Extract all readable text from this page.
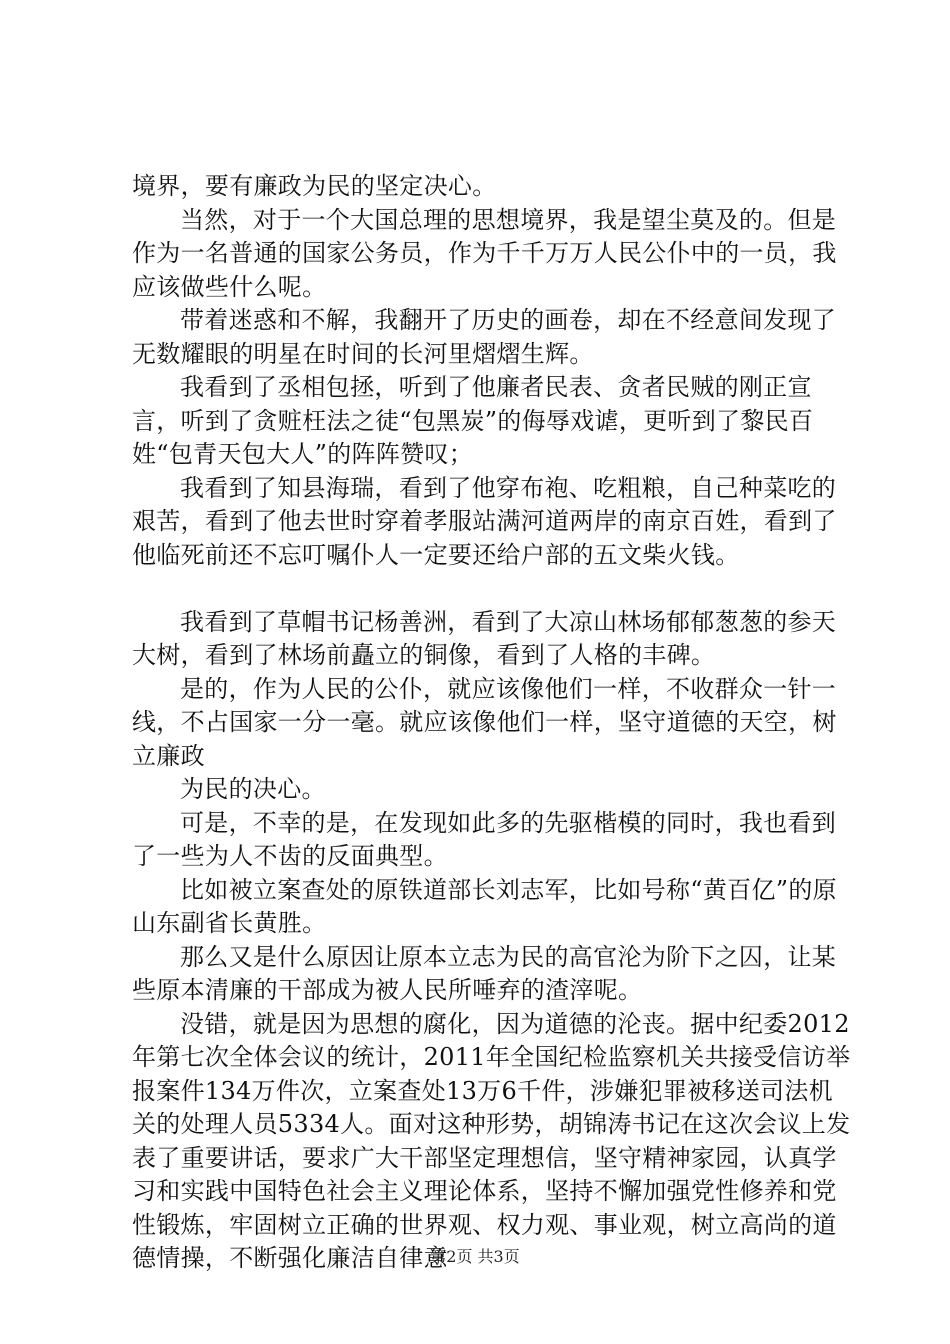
境界，要有廉政为民的坚定决心。

当然，对于一个大国总理的思想境界，我是望尘莫及的。但是作为一名普通的国家公务员，作为千千万万人民公仆中的一员，我应该做些什么呢。

带着迷惑和不解，我翻开了历史的画卷，却在不经意间发现了无数耀眼的明星在时间的长河里熠熠生辉。

我看到了丞相包拯，听到了他廉者民表、贪者民贼的刚正宣言，听到了贪赃枉法之徒“包黑炭”的侮辱戏谑，更听到了黎民百姓“包青天包大人”的阵阵赞叹；

我看到了知县海瑞，看到了他穿布袍、吃粗粮，自己种菜吃的艰苦，看到了他去世时穿着孝服站满河道两岸的南京百姓，看到了他临死前还不忘叮嘱仆人一定要还给户部的五文柴火钱。

我看到了草帽书记杨善洲，看到了大凉山林场郁郁葱葱的参天大树，看到了林场前矗立的铜像，看到了人格的丰碑。

是的，作为人民的公仆，就应该像他们一样，不收群众一针一线，不占国家一分一毫。就应该像他们一样，坚守道德的天空，树立廉政

为民的决心。

可是，不幸的是，在发现如此多的先驱楷模的同时，我也看到了一些为人不齿的反面典型。

比如被立案查处的原铁道部长刘志军，比如号称“黄百亿”的原山东副省长黄胜。

那么又是什么原因让原本立志为民的高官沦为阶下之囚，让某些原本清廉的干部成为被人民所唾弃的渣滓呢。

没错，就是因为思想的腐化，因为道德的沦丧。据中纪委2012年第七次全体会议的统计，2011年全国纪检监察机关共接受信访举报案件134万件次，立案查处13万6千件，涉嫌犯罪被移送司法机关的处理人员5334人。面对这种形势，胡锦涛书记在这次会议上发表了重要讲话，要求广大干部坚定理想信，坚守精神家园，认真学习和实践中国特色社会主义理论体系，坚持不懈加强党性修养和党性锻炼，牢固树立正确的世界观、权力观、事业观，树立高尚的道德情操，不断强化廉洁自律意

第2页 共3页
